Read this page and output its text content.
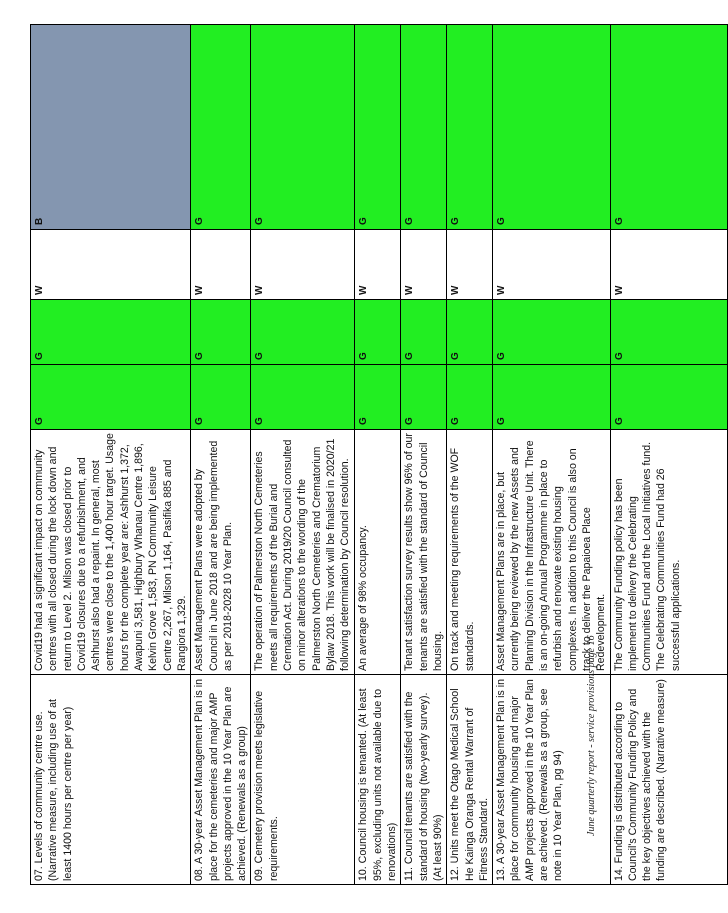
07. Levels of community centre use. (Narrative measure, including use of at least 1400 hours per centre per year)	Covid19 had a significant impact on community centres with all closed during the lock down and return to Level 2. Milson was closed prior to Covid19 closures due to a refurbishment, and Ashhurst also had a repaint. In general, most centres were close to the 1,400 hour target. Usage hours for the complete year are: Ashhurst 1,372, Awapuni 3,581, Highbury Whanau Centre 1,896, Kelvin Grove 1,583, PN Community Leisure Centre 2,267, Milson 1,164, Pasifika 885 and Rangiora 1,329.	G	G	W	B
08. A 30-year Asset Management Plan is in place for the cemeteries and major AMP projects approved in the 10 Year Plan are achieved. (Renewals as a group)	Asset Management Plans were adopted by Council in June 2018 and are being implemented as per 2018-2028 10 Year Plan.	G	G	W	G
09. Cemetery provision meets legislative requirements.	The operation of Palmerston North Cemeteries meets all requirements of the Burial and Cremation Act. During 2019/20 Council consulted on minor alterations to the wording of the Palmerston North Cemeteries and Crematorium Bylaw 2018. This work will be finalised in 2020/21 following determination by Council resolution.	G	G	W	G
10. Council housing is tenanted. (At least 95%, excluding units not available due to renovations)	An average of 98% occupancy.	G	G	W	G
11. Council tenants are satisfied with the standard of housing (two-yearly survey). (At least 90%)	Tenant satisfaction survey results show 96% of our tenants are satisfied with the standard of Council housing.	G	G	W	G
12. Units meet the Otago Medical School He Kainga Oranga Rental Warrant of Fitness Standard.	On track and meeting requirements of the WOF standards.	G	G	W	G
13. A 30-year Asset Management Plan is in place for community housing and major AMP projects approved in the 10 Year Plan are achieved. (Renewals as a group, see note in 10 Year Plan, pg 94)	Asset Management Plans are in place, but currently being reviewed by the new Assets and Planning Division in the Infrastructure Unit. There is an on-going Annual Programme in place to refurbish and renovate existing housing complexes. In addition to this Council is also on track to deliver the Papaioea Place Redevelopment.	G	G	W	G
14. Funding is distributed according to Council's Community Funding Policy and the key objectives achieved with the funding are described. (Narrative measure)	The Community Funding policy has been implement to delivery the Celebrating Communities Fund and the Local Initiatives fund. The Celebrating Communities Fund had 26 successful applications.	G	G	W	G
June quarterly report - service provisions page 16
